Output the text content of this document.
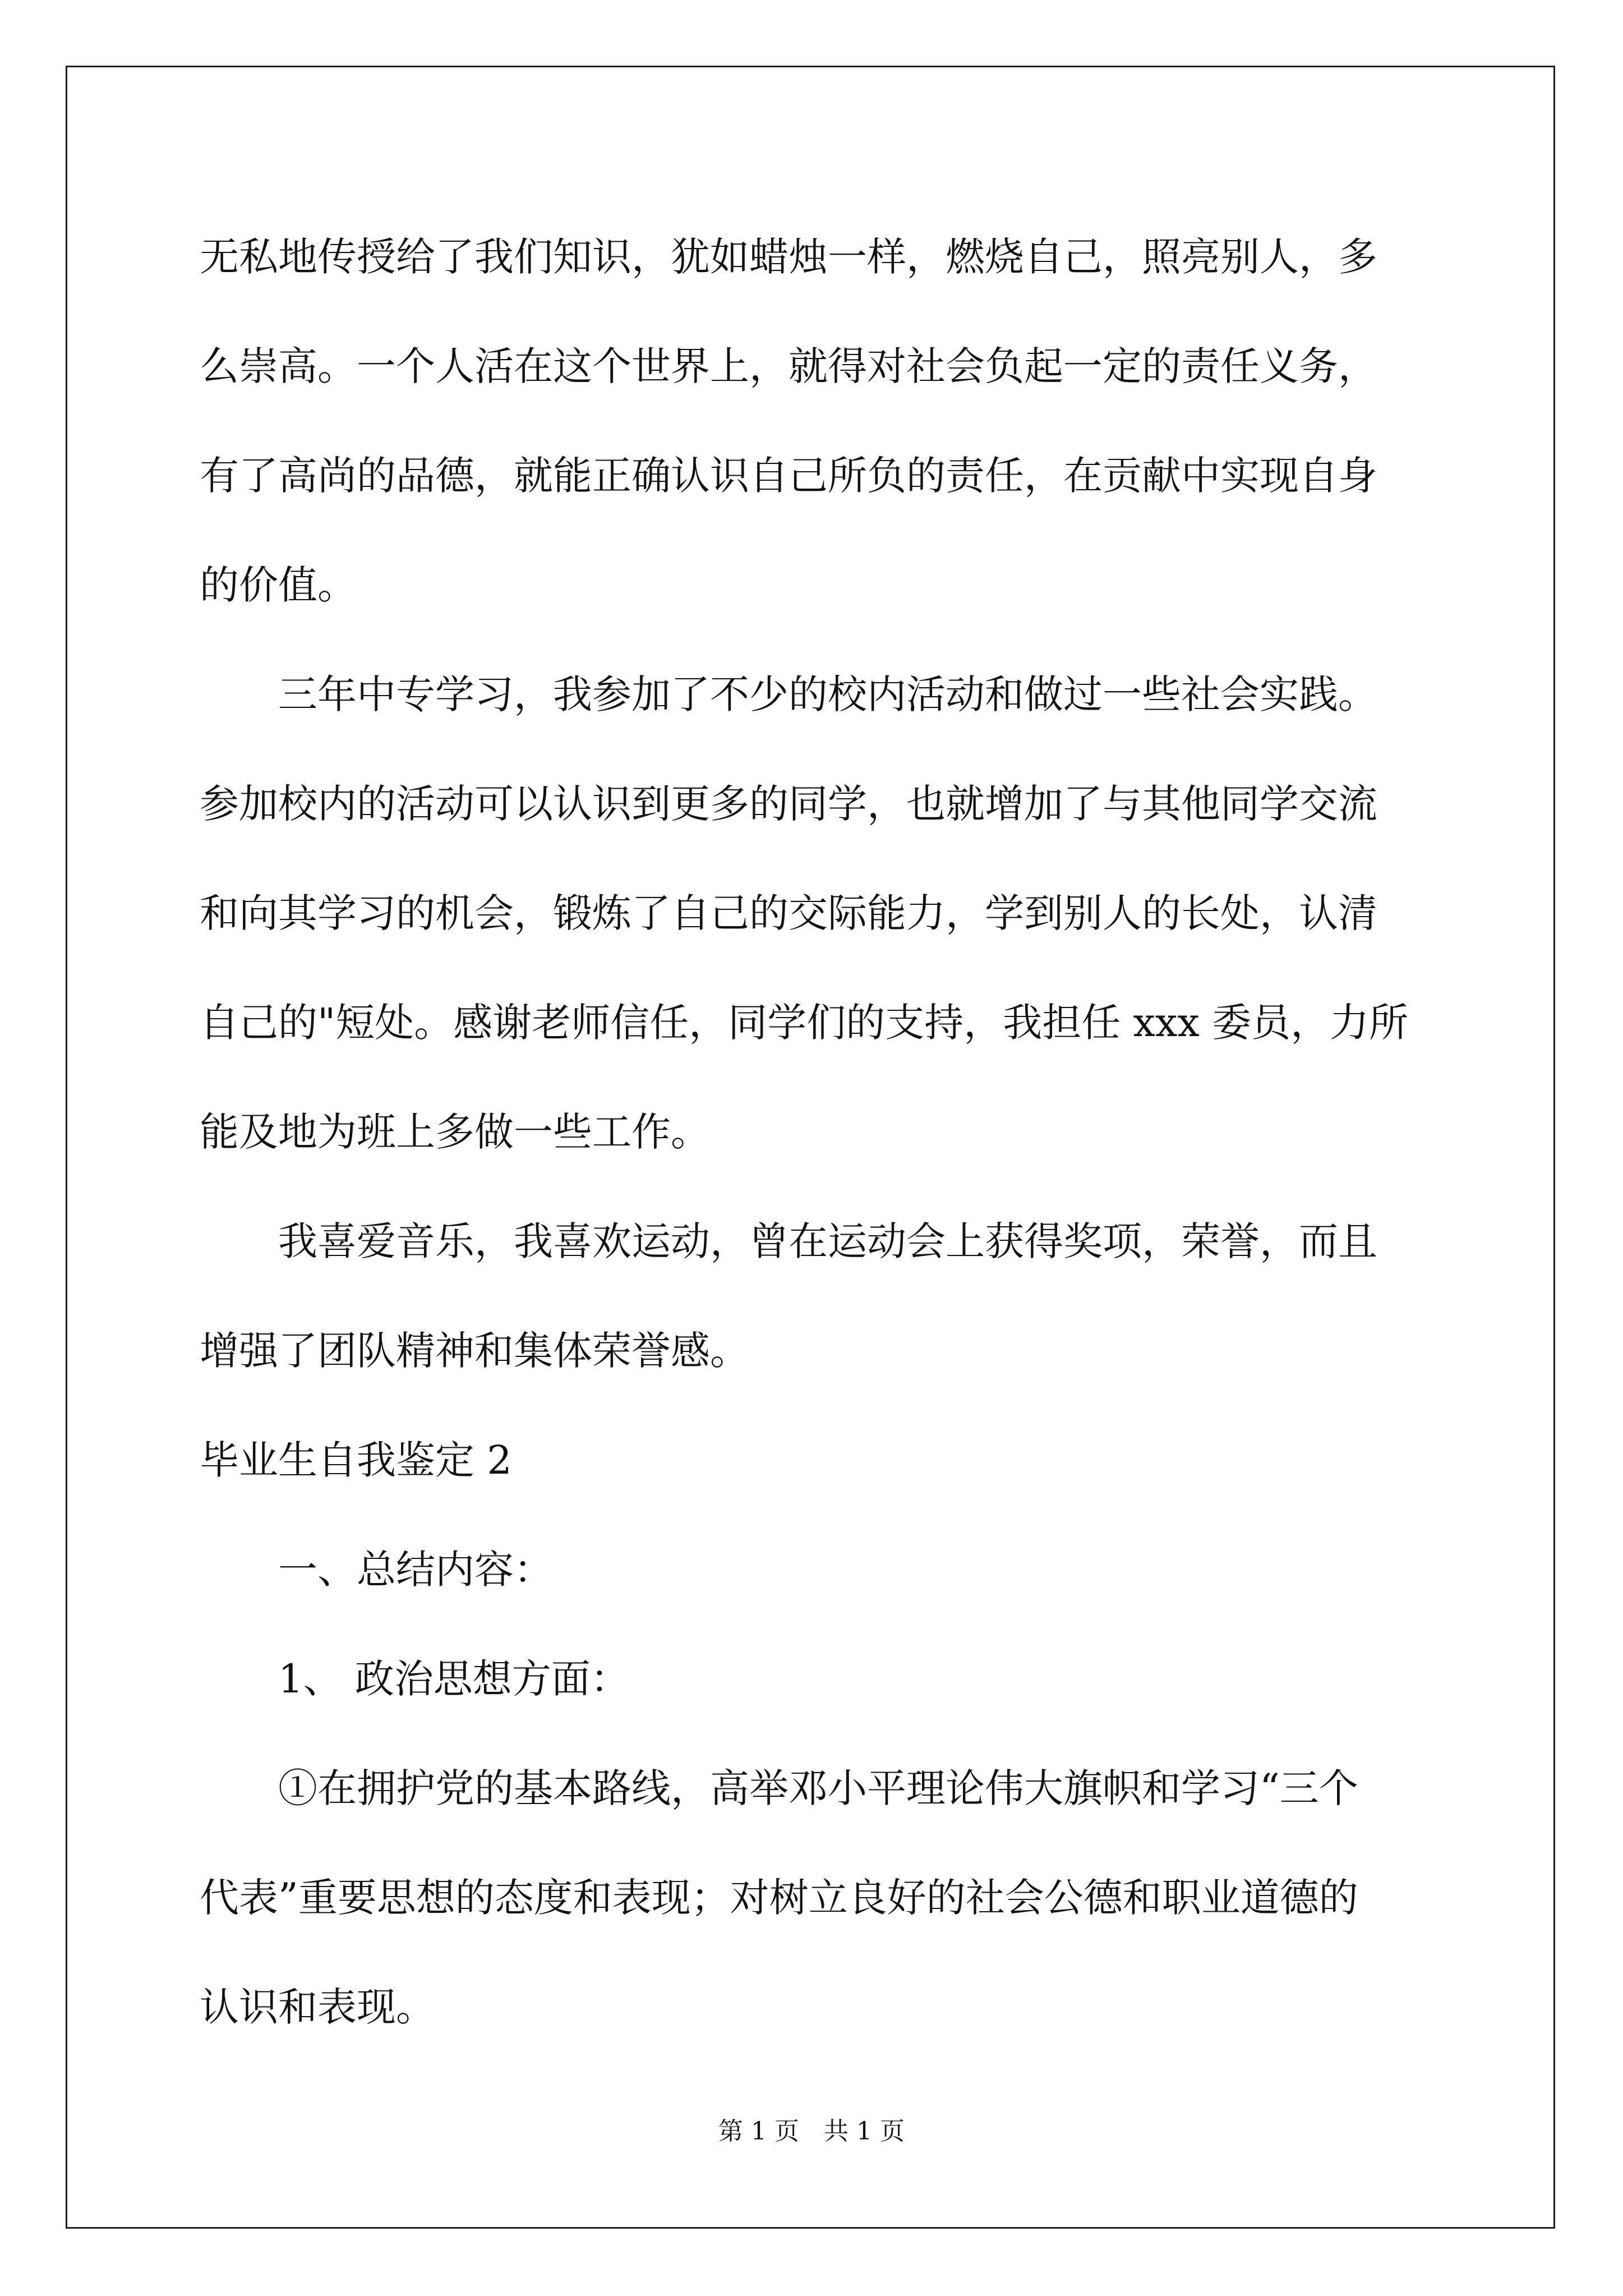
无私地传授给了我们知识，犹如蜡烛一样，燃烧自己，照亮别人，多
么崇高。一个人活在这个世界上，就得对社会负起一定的责任义务，
有了高尚的品德，就能正确认识自己所负的责任，在贡献中实现自身
的价值。
三年中专学习，我参加了不少的校内活动和做过一些社会实践。
参加校内的活动可以认识到更多的同学，也就增加了与其他同学交流
和向其学习的机会，锻炼了自己的交际能力，学到别人的长处，认清
自己的"短处。感谢老师信任，同学们的支持，我担任 xxx 委员，力所
能及地为班上多做一些工作。
我喜爱音乐，我喜欢运动，曾在运动会上获得奖项，荣誉，而且
增强了团队精神和集体荣誉感。
毕业生自我鉴定 2
一、总结内容：
1、 政治思想方面：
①在拥护党的基本路线，高举邓小平理论伟大旗帜和学习“三个
代表”重要思想的态度和表现；对树立良好的社会公德和职业道德的
认识和表现。
第 1 页　共 1 页
